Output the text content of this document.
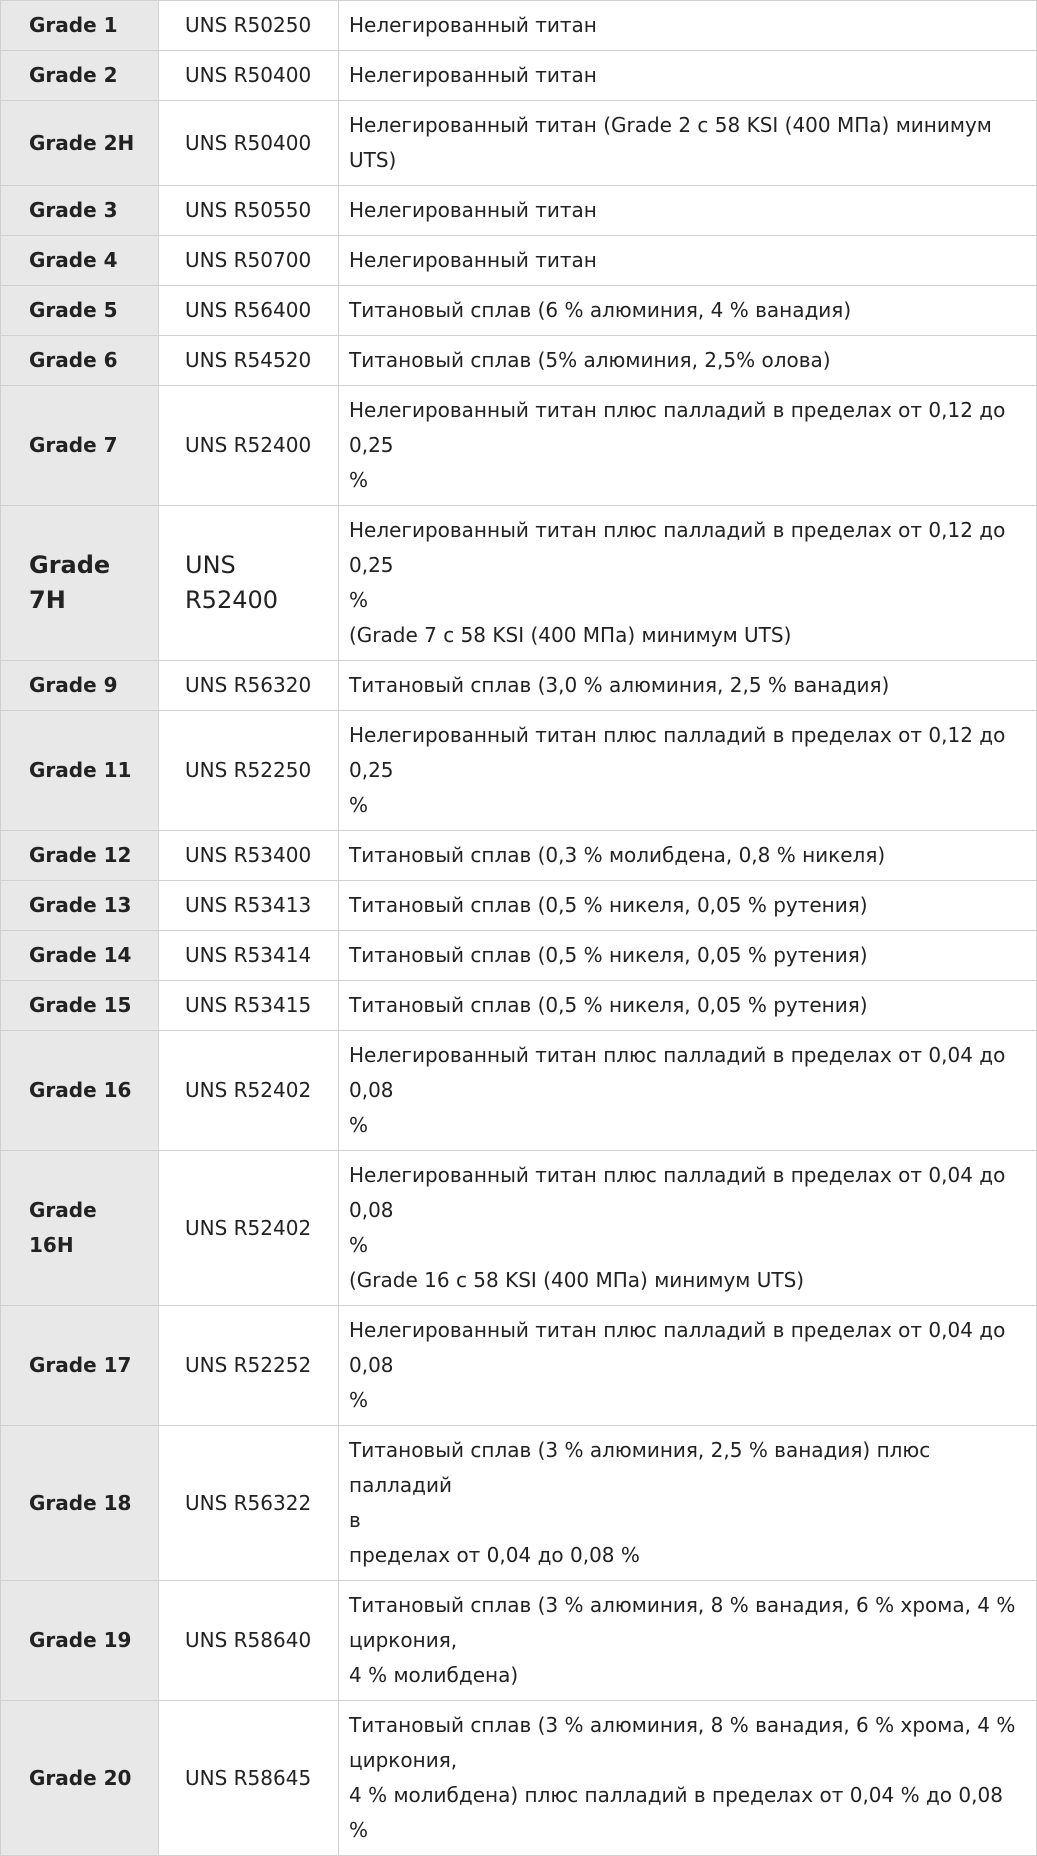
Grade 1	UNS R50250	Нелегированный титан
Grade 2	UNS R50400	Нелегированный титан
Grade 2H	UNS R50400	Нелегированный титан (Grade 2 с 58 KSI (400 МПа) минимум UTS)
Grade 3	UNS R50550	Нелегированный титан
Grade 4	UNS R50700	Нелегированный титан
Grade 5	UNS R56400	Титановый сплав (6 % алюминия, 4 % ванадия)
Grade 6	UNS R54520	Титановый сплав (5% алюминия, 2,5% олова)
Grade 7	UNS R52400	Нелегированный титан плюс палладий в пределах от 0,12 до 0,25
%
Grade 7H	UNS R52400	Нелегированный титан плюс палладий в пределах от 0,12 до 0,25
%
(Grade 7 с 58 KSI (400 МПа) минимум UTS)
Grade 9	UNS R56320	Титановый сплав (3,0 % алюминия, 2,5 % ванадия)
Grade 11	UNS R52250	Нелегированный титан плюс палладий в пределах от 0,12 до 0,25
%
Grade 12	UNS R53400	Титановый сплав (0,3 % молибдена, 0,8 % никеля)
Grade 13	UNS R53413	Титановый сплав (0,5 % никеля, 0,05 % рутения)
Grade 14	UNS R53414	Титановый сплав (0,5 % никеля, 0,05 % рутения)
Grade 15	UNS R53415	Титановый сплав (0,5 % никеля, 0,05 % рутения)
Grade 16	UNS R52402	Нелегированный титан плюс палладий в пределах от 0,04 до 0,08
%
Grade 16H	UNS R52402	Нелегированный титан плюс палладий в пределах от 0,04 до 0,08
%
(Grade 16 с 58 KSI (400 МПа) минимум UTS)
Grade 17	UNS R52252	Нелегированный титан плюс палладий в пределах от 0,04 до 0,08
%
Grade 18	UNS R56322	Титановый сплав (3 % алюминия, 2,5 % ванадия) плюс палладий
в
пределах от 0,04 до 0,08 %
Grade 19	UNS R58640	Титановый сплав (3 % алюминия, 8 % ванадия, 6 % хрома, 4 %
циркония,
4 % молибдена)
Grade 20	UNS R58645	Титановый сплав (3 % алюминия, 8 % ванадия, 6 % хрома, 4 %
циркония,
4 % молибдена) плюс палладий в пределах от 0,04 % до 0,08 %
